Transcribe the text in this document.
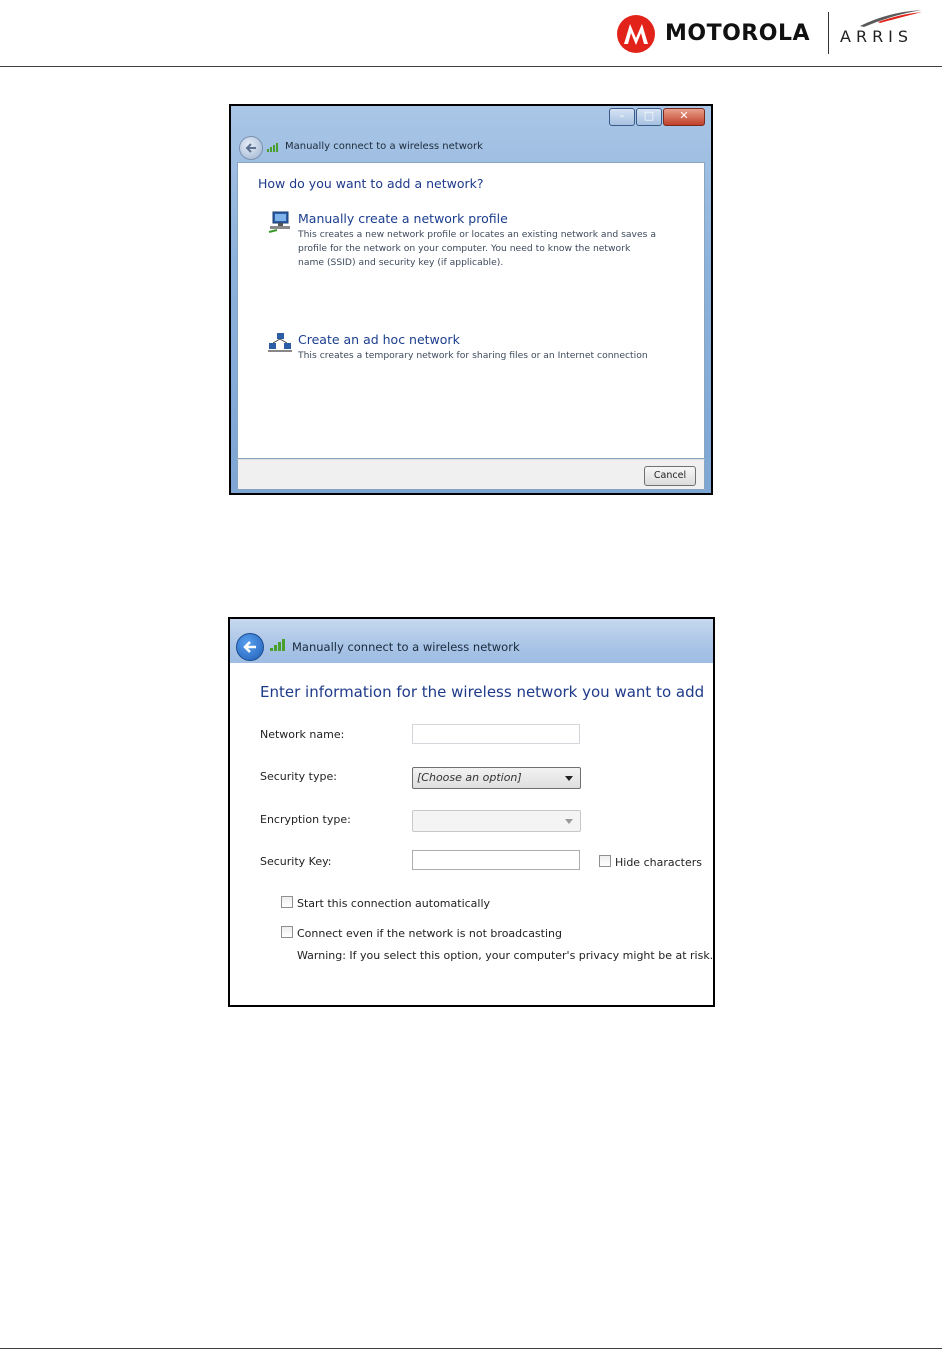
MOTOROLA ARRIS
–	□	✕
Manually connect to a wireless network
How do you want to add a network?
Manually create a network profile
This creates a new network profile or locates an existing network and saves a profile for the network on your computer. You need to know the network name (SSID) and security key (if applicable).
Create an ad hoc network
This creates a temporary network for sharing files or an Internet connection
Cancel
Manually connect to a wireless network
Enter information for the wireless network you want to add
Network name:
Security type:	[Choose an option]
Encryption type:
Security Key:	Hide characters
Start this connection automatically
Connect even if the network is not broadcasting
Warning: If you select this option, your computer's privacy might be at risk.
